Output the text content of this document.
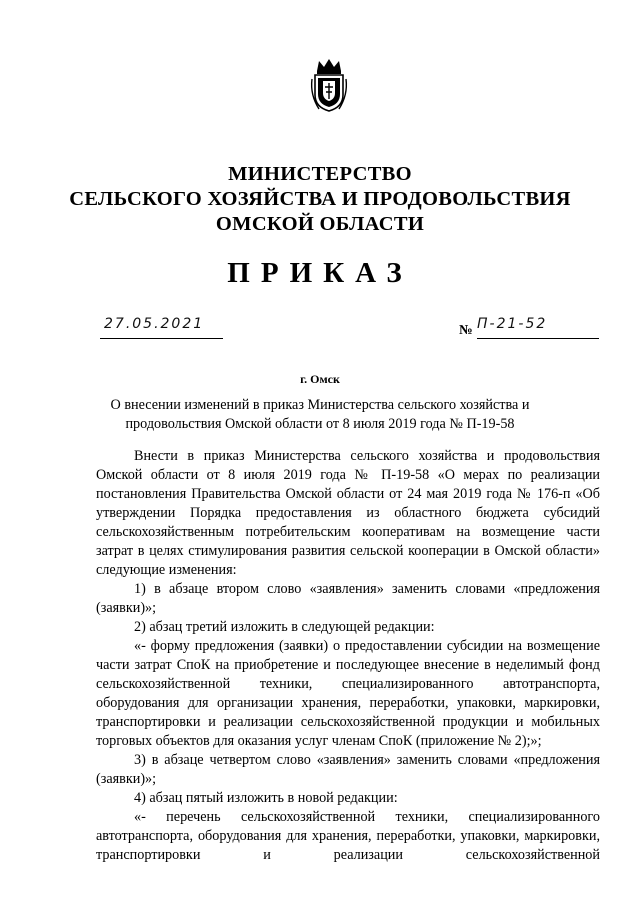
МИНИСТЕРСТВО
СЕЛЬСКОГО ХОЗЯЙСТВА И ПРОДОВОЛЬСТВИЯ
ОМСКОЙ ОБЛАСТИ
ПРИКАЗ
27.05.2021	№ П-21-52
г. Омск
О внесении изменений в приказ Министерства сельского хозяйства и
продовольствия Омской области от 8 июля 2019 года № П-19-58

Внести в приказ Министерства сельского хозяйства и продовольствия Омской области от 8 июля 2019 года № П-19-58 «О мерах по реализации постановления Правительства Омской области от 24 мая 2019 года № 176-п «Об утверждении Порядка предоставления из областного бюджета субсидий сельскохозяйственным потребительским кооперативам на возмещение части затрат в целях стимулирования развития сельской кооперации в Омской области» следующие изменения:

1) в абзаце втором слово «заявления» заменить словами «предложения (заявки)»;

2) абзац третий изложить в следующей редакции:

«- форму предложения (заявки) о предоставлении субсидии на возмещение части затрат СпоК на приобретение и последующее внесение в неделимый фонд сельскохозяйственной техники, специализированного автотранспорта, оборудования для организации хранения, переработки, упаковки, маркировки, транспортировки и реализации сельскохозяйственной продукции и мобильных торговых объектов для оказания услуг членам СпоК (приложение № 2);»;

3) в абзаце четвертом слово «заявления» заменить словами «предложения (заявки)»;

4) абзац пятый изложить в новой редакции:

«- перечень сельскохозяйственной техники, специализированного автотранспорта, оборудования для хранения, переработки, упаковки, маркировки, транспортировки и реализации сельскохозяйственной
